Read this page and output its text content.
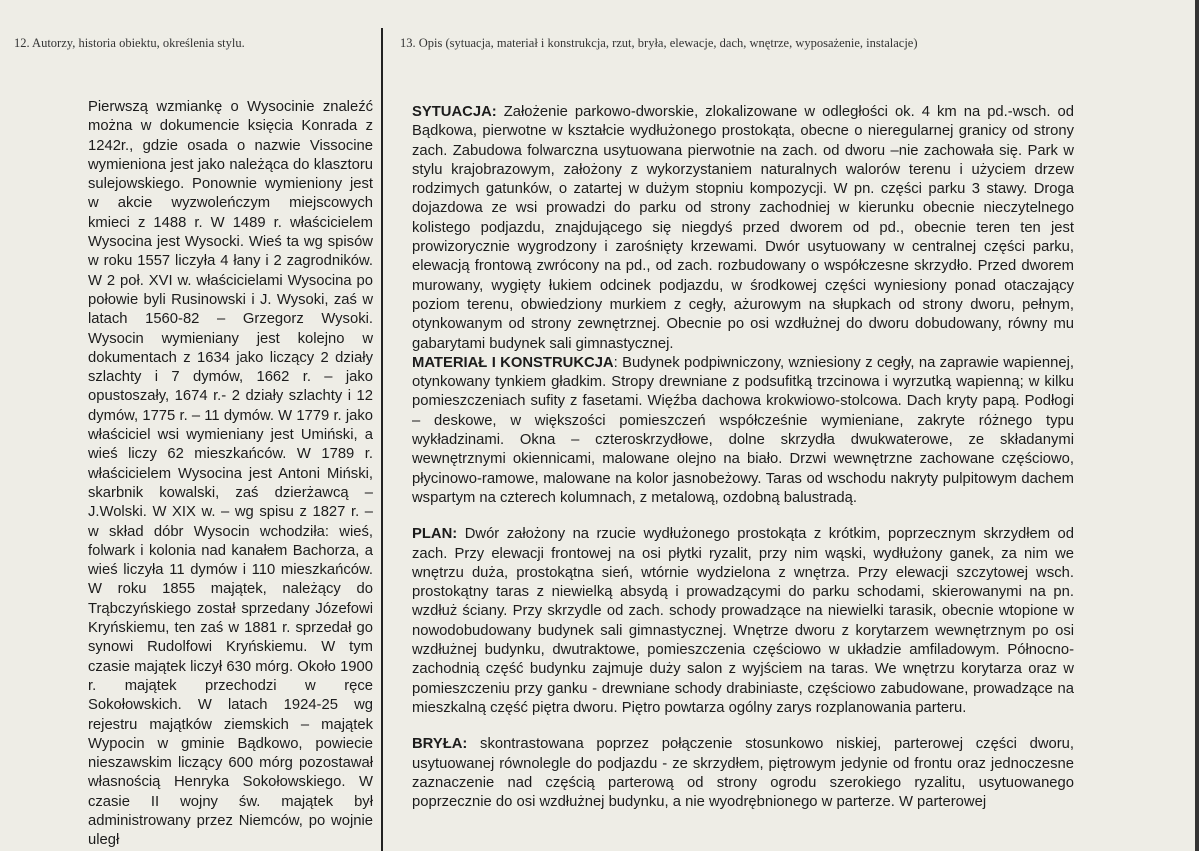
12. Autorzy, historia obiektu, określenia stylu.	13. Opis (sytuacja, materiał i konstrukcja, rzut, bryła, elewacje, dach, wnętrze, wyposażenie, instalacje)

Pierwszą wzmiankę o Wysocinie znaleźć można w dokumencie księcia Konrada z 1242r., gdzie osada o nazwie Vissocine wymieniona jest jako należąca do klasztoru sulejowskiego. Ponownie wymieniony jest w akcie wyzwoleńczym miejscowych kmieci z 1488 r. W 1489 r. właścicielem Wysocina jest Wysocki. Wieś ta wg spisów w roku 1557 liczyła 4 łany i 2 zagrodników. W 2 poł. XVI w. właścicielami Wysocina po połowie byli Rusinowski i J. Wysoki, zaś w latach 1560-82 – Grzegorz Wysoki. Wysocin wymieniany jest kolejno w dokumentach z 1634 jako liczący 2 działy szlachty i 7 dymów, 1662 r. – jako opustoszały, 1674 r.- 2 działy szlachty i 12 dymów, 1775 r. – 11 dymów. W 1779 r. jako właściciel wsi wymieniany jest Umiński, a wieś liczy 62 mieszkańców. W 1789 r. właścicielem Wysocina jest Antoni Miński, skarbnik kowalski, zaś dzierżawcą – J.Wolski. W XIX w. – wg spisu z 1827 r. – w skład dóbr Wysocin wchodziła: wieś, folwark i kolonia nad kanałem Bachorza, a wieś liczyła 11 dymów i 110 mieszkańców. W roku 1855 majątek, należący do Trąbczyńskiego został sprzedany Józefowi Kryńskiemu, ten zaś w 1881 r. sprzedał go synowi Rudolfowi Kryńskiemu. W tym czasie majątek liczył 630 mórg. Około 1900 r. majątek przechodzi w ręce Sokołowskich. W latach 1924-25 wg rejestru majątków ziemskich – majątek Wypocin w gminie Bądkowo, powiecie nieszawskim liczący 600 mórg pozostawał własnością Henryka Sokołowskiego. W czasie II wojny św. majątek był administrowany przez Niemców, po wojnie uległ

SYTUACJA: Założenie parkowo-dworskie, zlokalizowane w odległości ok. 4 km na pd.-wsch. od Bądkowa, pierwotne w kształcie wydłużonego prostokąta, obecne o nieregularnej granicy od strony zach. Zabudowa folwarczna usytuowana pierwotnie na zach. od dworu –nie zachowała się. Park w stylu krajobrazowym, założony z wykorzystaniem naturalnych walorów terenu i użyciem drzew rodzimych gatunków, o zatartej w dużym stopniu kompozycji. W pn. części parku 3 stawy. Droga dojazdowa ze wsi prowadzi do parku od strony zachodniej w kierunku obecnie nieczytelnego kolistego podjazdu, znajdującego się niegdyś przed dworem od pd., obecnie teren ten jest prowizorycznie wygrodzony i zarośnięty krzewami. Dwór usytuowany w centralnej części parku, elewacją frontową zwrócony na pd., od zach. rozbudowany o współczesne skrzydło. Przed dworem murowany, wygięty łukiem odcinek podjazdu, w środkowej części wyniesiony ponad otaczający poziom terenu, obwiedziony murkiem z cegły, ażurowym na słupkach od strony dworu, pełnym, otynkowanym od strony zewnętrznej. Obecnie po osi wzdłużnej do dworu dobudowany, równy mu gabarytami budynek sali gimnastycznej.

MATERIAŁ I KONSTRUKCJA: Budynek podpiwniczony, wzniesiony z cegły, na zaprawie wapiennej, otynkowany tynkiem gładkim. Stropy drewniane z podsufitką trzcinowa i wyrzutką wapienną; w kilku pomieszczeniach sufity z fasetami. Więźba dachowa krokwiowo-stolcowa. Dach kryty papą. Podłogi – deskowe, w większości pomieszczeń współcześnie wymieniane, zakryte różnego typu wykładzinami. Okna – czteroskrzydłowe, dolne skrzydła dwukwaterowe, ze składanymi wewnętrznymi okiennicami, malowane olejno na biało. Drzwi wewnętrzne zachowane częściowo, płycinowo-ramowe, malowane na kolor jasnobeżowy. Taras od wschodu nakryty pulpitowym dachem wspartym na czterech kolumnach, z metalową, ozdobną balustradą.

PLAN: Dwór założony na rzucie wydłużonego prostokąta z krótkim, poprzecznym skrzydłem od zach. Przy elewacji frontowej na osi płytki ryzalit, przy nim wąski, wydłużony ganek, za nim we wnętrzu duża, prostokątna sień, wtórnie wydzielona z wnętrza. Przy elewacji szczytowej wsch. prostokątny taras z niewielką absydą i prowadzącymi do parku schodami, skierowanymi na pn. wzdłuż ściany. Przy skrzydle od zach. schody prowadzące na niewielki tarasik, obecnie wtopione w nowodobudowany budynek sali gimnastycznej. Wnętrze dworu z korytarzem wewnętrznym po osi wzdłużnej budynku, dwutraktowe, pomieszczenia częściowo w układzie amfiladowym. Północno-zachodnią część budynku zajmuje duży salon z wyjściem na taras. We wnętrzu korytarza oraz w pomieszczeniu przy ganku - drewniane schody drabiniaste, częściowo zabudowane, prowadzące na mieszkalną część piętra dworu. Piętro powtarza ogólny zarys rozplanowania parteru.

BRYŁA: skontrastowana poprzez połączenie stosunkowo niskiej, parterowej części dworu, usytuowanej równolegle do podjazdu - ze skrzydłem, piętrowym jedynie od frontu oraz jednoczesne zaznaczenie nad częścią parterową od strony ogrodu szerokiego ryzalitu, usytuowanego poprzecznie do osi wzdłużnej budynku, a nie wyodrębnionego w parterze. W parterowej
